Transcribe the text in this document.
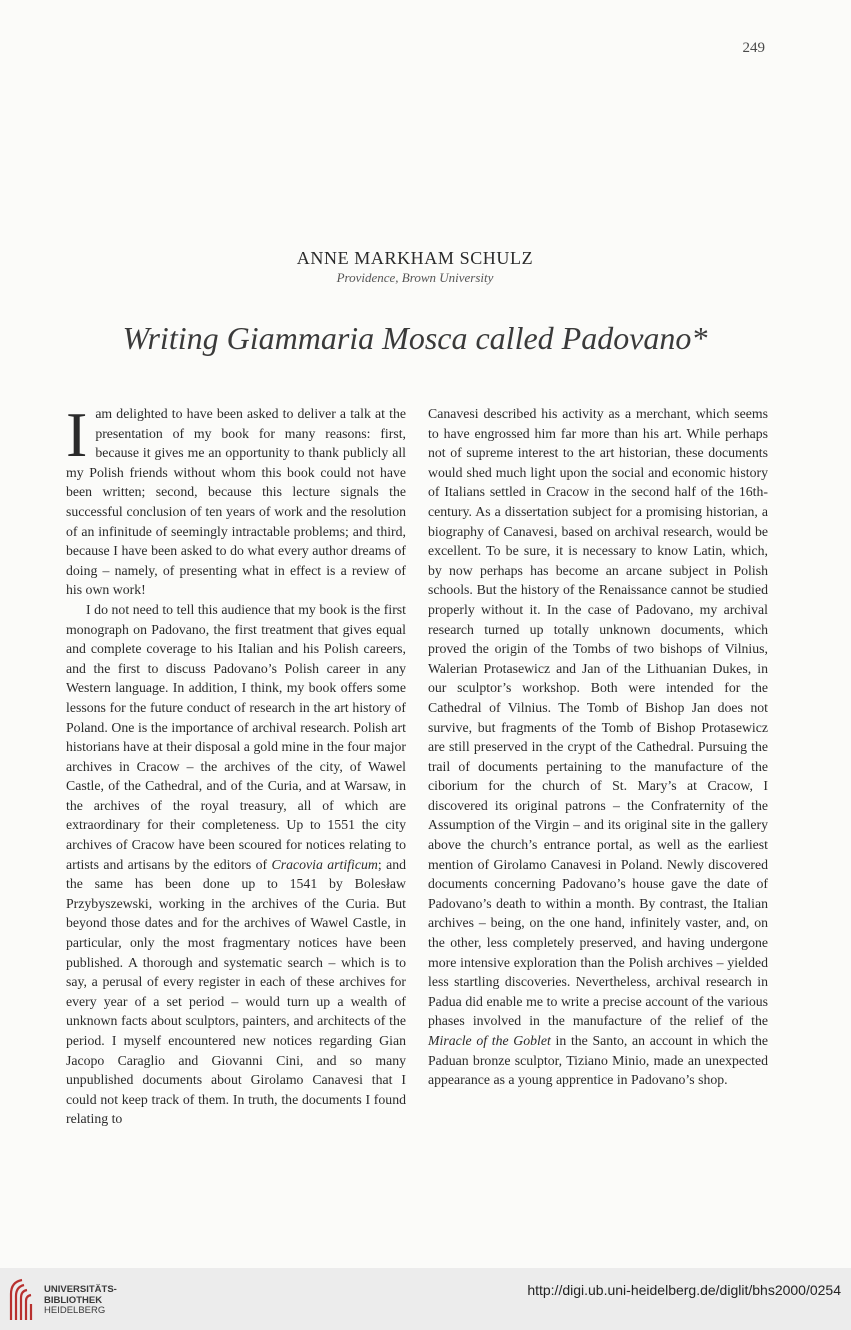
249
ANNE MARKHAM SCHULZ
Providence, Brown University
Writing Giammaria Mosca called Padovano*

Iam delighted to have been asked to deliver a talk at the presentation of my book for many reasons: first, because it gives me an opportunity to thank publicly all my Polish friends without whom this book could not have been written; second, because this lecture signals the successful conclusion of ten years of work and the resolution of an infinitude of seemingly intractable problems; and third, because I have been asked to do what every author dreams of doing – namely, of presenting what in effect is a review of his own work!

I do not need to tell this audience that my book is the first monograph on Padovano, the first treatment that gives equal and complete coverage to his Italian and his Polish careers, and the first to discuss Padovano’s Polish career in any Western language. In addition, I think, my book offers some lessons for the future conduct of research in the art history of Poland. One is the importance of archival research. Polish art historians have at their disposal a gold mine in the four major archives in Cracow – the archives of the city, of Wawel Castle, of the Cathedral, and of the Curia, and at Warsaw, in the archives of the royal treasury, all of which are extraordinary for their completeness. Up to 1551 the city archives of Cracow have been scoured for notices relating to artists and artisans by the editors of Cracovia artificum; and the same has been done up to 1541 by Bolesław Przybyszewski, working in the archives of the Curia. But beyond those dates and for the archives of Wawel Castle, in particular, only the most fragmentary notices have been published. A thorough and systematic search – which is to say, a perusal of every register in each of these archives for every year of a set period – would turn up a wealth of unknown facts about sculptors, painters, and architects of the period. I myself encountered new notices regarding Gian Jacopo Caraglio and Giovanni Cini, and so many unpublished documents about Girolamo Canavesi that I could not keep track of them. In truth, the documents I found relating to

Canavesi described his activity as a merchant, which seems to have engrossed him far more than his art. While perhaps not of supreme interest to the art historian, these documents would shed much light upon the social and economic history of Italians settled in Cracow in the second half of the 16th-century. As a dissertation subject for a promising historian, a biography of Canavesi, based on archival research, would be excellent. To be sure, it is necessary to know Latin, which, by now perhaps has become an arcane subject in Polish schools. But the history of the Renaissance cannot be studied properly without it. In the case of Padovano, my archival research turned up totally unknown documents, which proved the origin of the Tombs of two bishops of Vilnius, Walerian Protasewicz and Jan of the Lithuanian Dukes, in our sculptor’s workshop. Both were intended for the Cathedral of Vilnius. The Tomb of Bishop Jan does not survive, but fragments of the Tomb of Bishop Protasewicz are still preserved in the crypt of the Cathedral. Pursuing the trail of documents pertaining to the manufacture of the ciborium for the church of St. Mary’s at Cracow, I discovered its original patrons – the Confraternity of the Assumption of the Virgin – and its original site in the gallery above the church’s entrance portal, as well as the earliest mention of Girolamo Canavesi in Poland. Newly discovered documents concerning Padovano’s house gave the date of Padovano’s death to within a month. By contrast, the Italian archives – being, on the one hand, infinitely vaster, and, on the other, less completely preserved, and having undergone more intensive exploration than the Polish archives – yielded less startling discoveries. Nevertheless, archival research in Padua did enable me to write a precise account of the various phases involved in the manufacture of the relief of the Miracle of the Goblet in the Santo, an account in which the Paduan bronze sculptor, Tiziano Minio, made an unexpected appearance as a young apprentice in Padovano’s shop.

UNIVERSITÄTS-
BIBLIOTHEK
HEIDELBERG
http://digi.ub.uni-heidelberg.de/diglit/bhs2000/0254
